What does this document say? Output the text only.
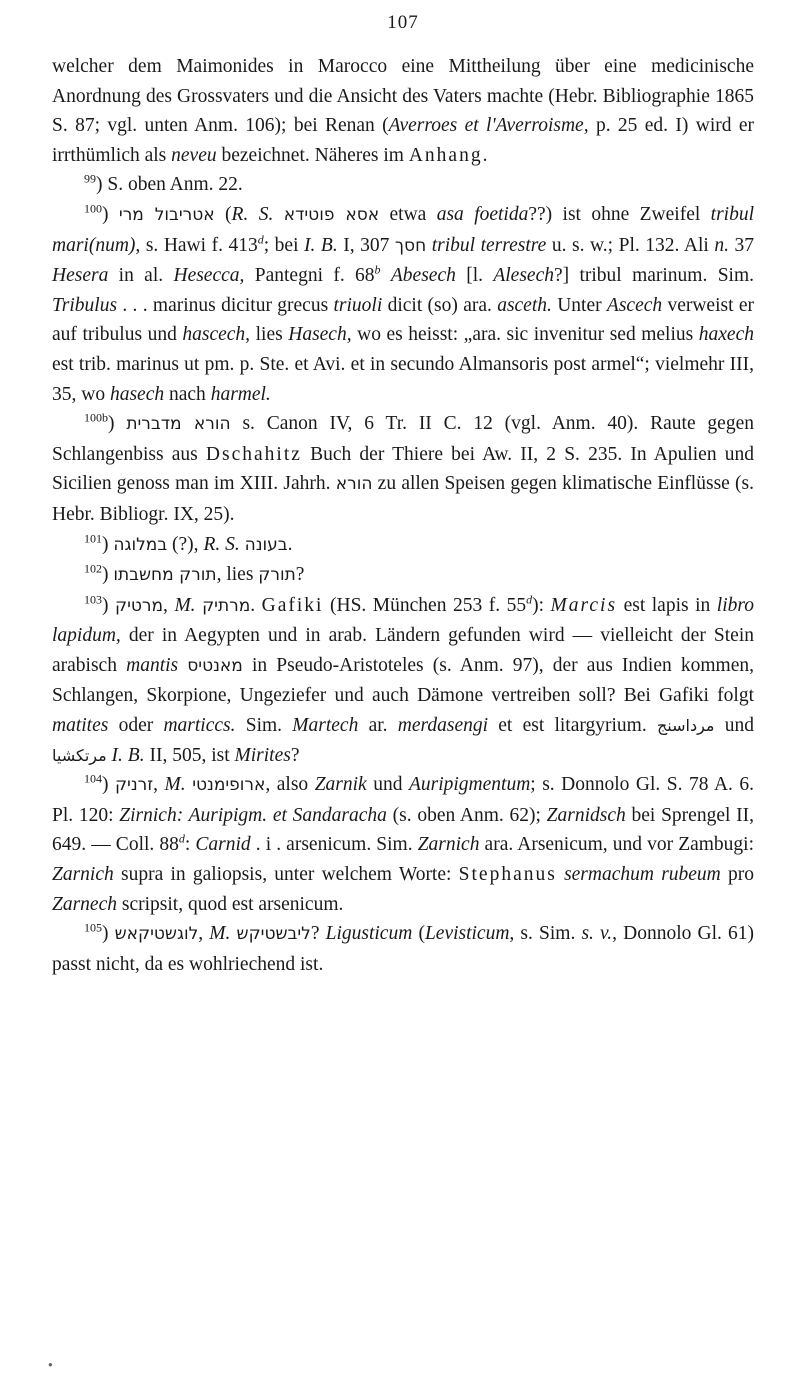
107

welcher dem Maimonides in Marocco eine Mittheilung über eine medicinische Anordnung des Grossvaters und die Ansicht des Vaters machte (Hebr. Bibliographie 1865 S. 87; vgl. unten Anm. 106); bei Renan (Averroes et l'Averroisme, p. 25 ed. I) wird er irrthümlich als neveu bezeichnet. Näheres im Anhang.

$^{99}$) S. oben Anm. 22.

$^{100}$) אטריבול מרי (R. S. אסא פוטידא etwa asa foetida??) ist ohne Zweifel tribul mari(num), s. Hawi f. 413$^d$; bei I. B. I, 307 חסך tribul terrestre u. s. w.; Pl. 132. Ali n. 37 Hesera in al. Hesecca, Pantegni f. 68$^b$ Abesech [l. Alesech?] tribul marinum. Sim. Tribulus . . . marinus dicitur grecus triuoli dicit (so) ara. asceth. Unter Ascech verweist er auf tribulus und hascech, lies Hasech, wo es heisst: „ara. sic invenitur sed melius haxech est trib. marinus ut pm. p. Ste. et Avi. et in secundo Almansoris post armel“; vielmehr III, 35, wo hasech nach harmel.

$^{100b}$) הורא מדברית s. Canon IV, 6 Tr. II C. 12 (vgl. Anm. 40). Raute gegen Schlangenbiss aus Dschahitz Buch der Thiere bei Aw. II, 2 S. 235. In Apulien und Sicilien genoss man im XIII. Jahrh. הורא zu allen Speisen gegen klimatische Einflüsse (s. Hebr. Bibliogr. IX, 25).

$^{101}$) במלוגה (?), R. S. בעונה.

$^{102}$) תורק מחשבתו, lies תורק?

$^{103}$) מרטיק, M. מרתיק. Gafiki (HS. München 253 f. 55$^d$): Marcis est lapis in libro lapidum, der in Aegypten und in arab. Ländern gefunden wird — vielleicht der Stein arabisch mantis מאנטיס in Pseudo-Aristoteles (s. Anm. 97), der aus Indien kommen, Schlangen, Skorpione, Ungeziefer und auch Dämone vertreiben soll? Bei Gafiki folgt matites oder marticcs. Sim. Martech ar. merdasengi et est litargyrium. مرداسنج und مرتكشيا I. B. II, 505, ist Mirites?

$^{104}$) זרניק, M. ארופימנטי, also Zarnik und Auripigmentum; s. Donnolo Gl. S. 78 A. 6. Pl. 120: Zirnich: Auripigm. et Sandaracha (s. oben Anm. 62); Zarnidsch bei Sprengel II, 649. — Coll. 88$^d$: Carnid . i . arsenicum. Sim. Zarnich ara. Arsenicum, und vor Zambugi: Zarnich supra in galiopsis, unter welchem Worte: Stephanus sermachum rubeum pro Zarnech scripsit, quod est arsenicum.

$^{105}$) לוגשטיקאש, M. ליבשטיקש? Ligusticum (Levisticum, s. Sim. s. v., Donnolo Gl. 61) passt nicht, da es wohlriechend ist.

●
